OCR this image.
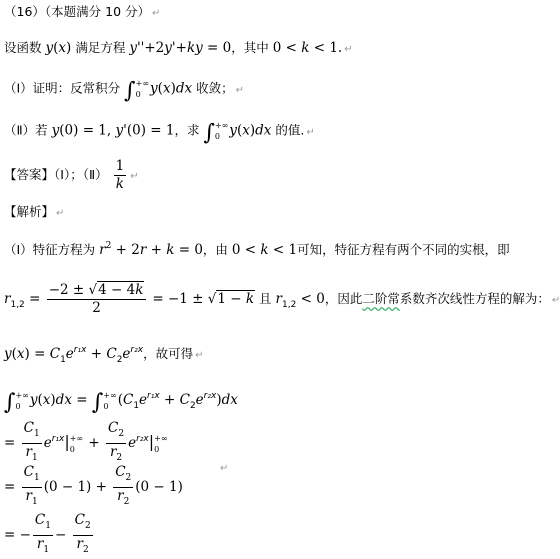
（16）（本题满分 10 分） ↵
设函数 y(x) 满足方程 y''+2y'+ky = 0，其中 0 < k < 1. ↵
（Ⅰ）证明：反常积分 ∫ +∞
0 y(x)dx 收敛； ↵
（Ⅱ）若 y(0) = 1, y'(0) = 1，求 ∫ +∞
0 y(x)dx 的值. ↵
【答案】（Ⅰ）；（Ⅱ） $\frac{1}{k}$ ↵
【解析】 ↵
（Ⅰ）特征方程为 $r^2 + 2r + k = 0$，由 0 < k < 1可知，特征方程有两个不同的实根，即
$r_{1,2} = \frac{-2 \pm √4 - 4k}{2} = -1 \pm √1 - k$ 且 $r_{1,2} < 0$，因此二阶常系数齐次线性方程的解为： ↵
$y(x) = C_1e^{r_1x} + C_2e^{r_2x}$，故可得 ↵
∫ +∞
0 y(x)dx = ∫ +∞
0 $(C_1e^{r_1x} + C_2e^{r_2x})dx$
= $\frac{C_1}{r_1} e^{r_1x}|$ +∞
$0 + \frac{C_2}{r_2} e^{r_2x}|$ +∞
0
↵
= $\frac{C_1}{r_1} (0 - 1) + \frac{C_2}{r_2} (0 - 1)$
= − $\frac{C_1}{r_1} - \frac{C_2}{r_2}$
